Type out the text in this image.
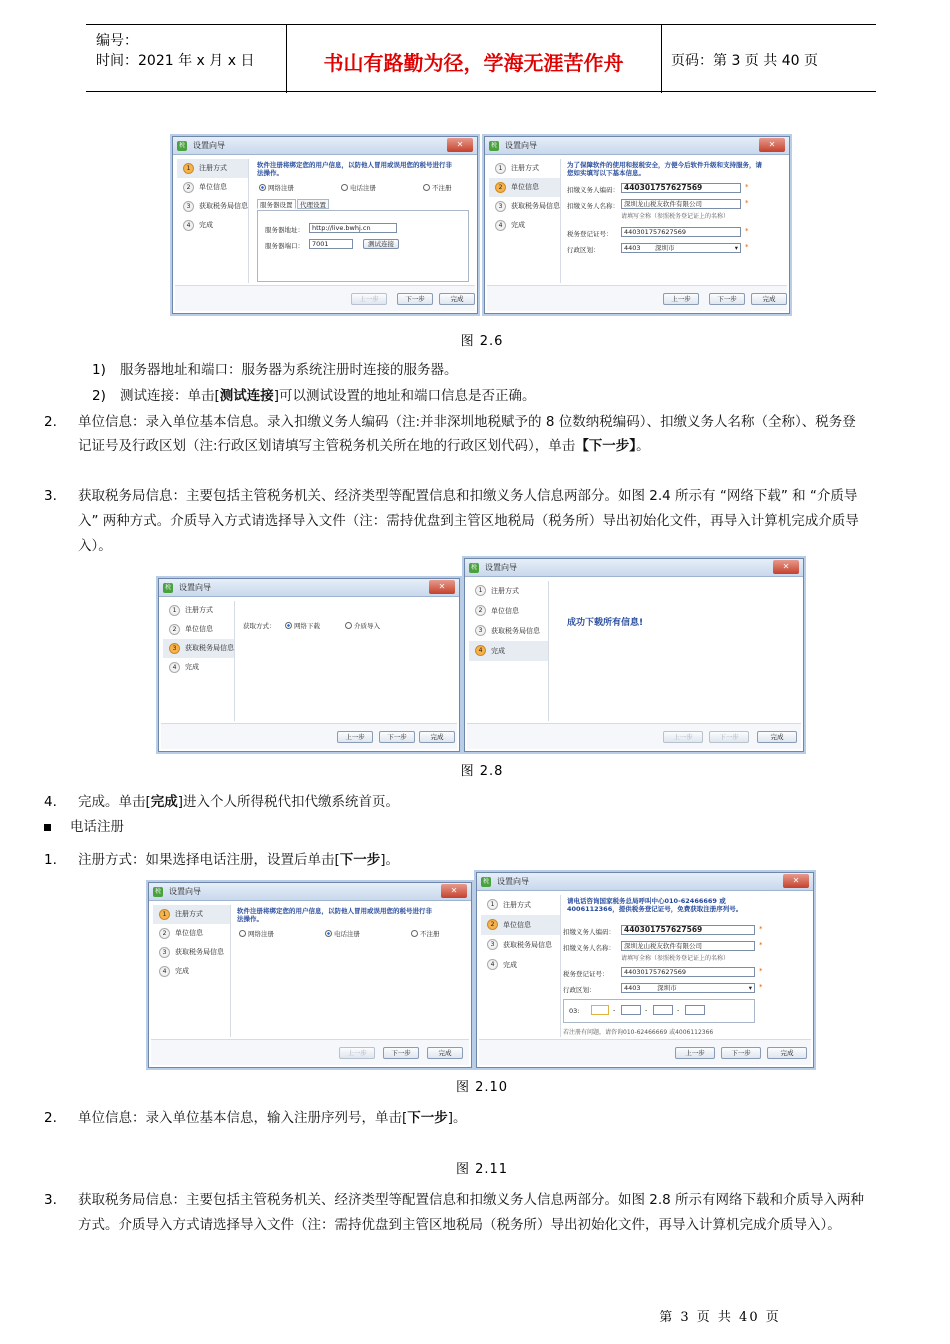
编号：
时间：2021 年 x 月 x 日	书山有路勤为径，学海无涯苦作舟	页码：第 3 页 共 40 页
税 设置向导	✕
1	注册方式
2	单位信息
3	获取税务局信息
4	完成
软件注册将绑定您的用户信息，以防他人冒用或误用您的税号进行非法操作。
网络注册	电话注册	不注册
服务器设置	代理设置
服务器地址：	http://live.bwhj.cn
服务器端口：	7001	测试连接
上一步	下一步	完成
税 设置向导	✕
1	注册方式
2	单位信息
3	获取税务局信息
4	完成
为了保障软件的使用和报税安全，方便今后软件升级和支持服务，请您如实填写以下基本信息。
扣缴义务人编码： 440301757627569	*
扣缴义务人名称： 深圳龙山税友软件有限公司	*
请填写全称（参照税务登记证上的名称）
税务登记证号：	440301757627569	*
行政区划：	4403 深圳市	▾ *
上一步	下一步	完成
图 2.6
1) 服务器地址和端口：服务器为系统注册时连接的服务器。
2) 测试连接：单击[测试连接]可以测试设置的地址和端口信息是否正确。
2. 单位信息：录入单位基本信息。录入扣缴义务人编码（注:并非深圳地税赋予的 8 位数纳税编码）、扣缴义务人名称（全称）、税务登
记证号及行政区划（注:行政区划请填写主管税务机关所在地的行政区划代码），单击【下一步】。
3. 获取税务局信息：主要包括主管税务机关、经济类型等配置信息和扣缴义务人信息两部分。如图 2.4 所示有 “网络下载” 和 “介质导
入” 两种方式。介质导入方式请选择导入文件（注：需持优盘到主管区地税局（税务所）导出初始化文件，再导入计算机完成介质导
入）。
税 设置向导	✕
1	注册方式
2	单位信息
3	获取税务局信息
4	完成
获取方式：	网络下载	介质导入
上一步	下一步	完成
税 设置向导	✕
1	注册方式
2	单位信息
3	获取税务局信息
4	完成
成功下载所有信息!
上一步	下一步	完成
图 2.8
4. 完成。单击[完成]进入个人所得税代扣代缴系统首页。
电话注册
1. 注册方式：如果选择电话注册，设置后单击[下一步]。
税 设置向导	✕
1	注册方式
2	单位信息
3	获取税务局信息
4	完成
软件注册将绑定您的用户信息，以防他人冒用或误用您的税号进行非法操作。
网络注册	电话注册	不注册
上一步	下一步	完成
税 设置向导	✕
1	注册方式
2	单位信息
3	获取税务局信息
4	完成
请电话咨询国家税务总局呼叫中心010-62466669 或 4006112366，提供税务登记证号，免费获取注册序列号。
扣缴义务人编码：	440301757627569	*
扣缴义务人名称：	深圳龙山税友软件有限公司	*
请填写全称（参照税务登记证上的名称）
税务登记证号：	440301757627569	*
行政区划：	4403	深圳市	▾ *
03:	-	-	-
若注册有问题，请咨询010-62466669 或4006112366
上一步	下一步	完成
图 2.10
2. 单位信息：录入单位基本信息，输入注册序列号，单击[下一步]。
图 2.11
3. 获取税务局信息：主要包括主管税务机关、经济类型等配置信息和扣缴义务人信息两部分。如图 2.8 所示有网络下载和介质导入两种
方式。介质导入方式请选择导入文件（注：需持优盘到主管区地税局（税务所）导出初始化文件，再导入计算机完成介质导入）。
第 3 页 共 40 页
